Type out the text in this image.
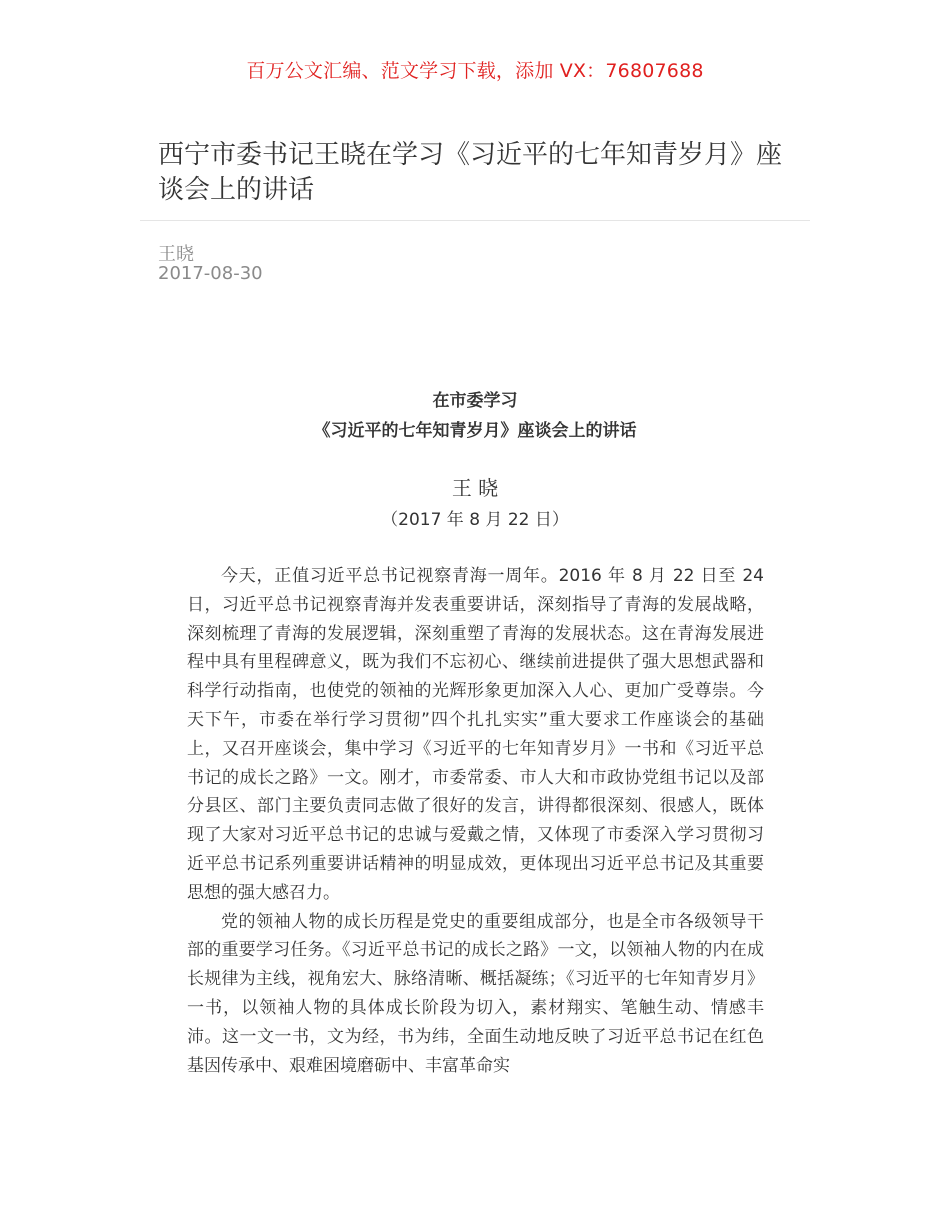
百万公文汇编、范文学习下载，添加 VX：76807688
西宁市委书记王晓在学习《习近平的七年知青岁月》座谈会上的讲话
王晓
2017-08-30
在市委学习
《习近平的七年知青岁月》座谈会上的讲话
王 晓
（2017 年 8 月 22 日）

今天，正值习近平总书记视察青海一周年。2016 年 8 月 22 日至 24 日，习近平总书记视察青海并发表重要讲话，深刻指导了青海的发展战略，深刻梳理了青海的发展逻辑，深刻重塑了青海的发展状态。这在青海发展进程中具有里程碑意义，既为我们不忘初心、继续前进提供了强大思想武器和科学行动指南，也使党的领袖的光辉形象更加深入人心、更加广受尊崇。今天下午，市委在举行学习贯彻”四个扎扎实实”重大要求工作座谈会的基础上，又召开座谈会，集中学习《习近平的七年知青岁月》一书和《习近平总书记的成长之路》一文。刚才，市委常委、市人大和市政协党组书记以及部分县区、部门主要负责同志做了很好的发言，讲得都很深刻、很感人，既体现了大家对习近平总书记的忠诚与爱戴之情，又体现了市委深入学习贯彻习近平总书记系列重要讲话精神的明显成效，更体现出习近平总书记及其重要思想的强大感召力。

党的领袖人物的成长历程是党史的重要组成部分，也是全市各级领导干部的重要学习任务。《习近平总书记的成长之路》一文，以领袖人物的内在成长规律为主线，视角宏大、脉络清晰、概括凝练；《习近平的七年知青岁月》一书，以领袖人物的具体成长阶段为切入，素材翔实、笔触生动、情感丰沛。这一文一书，文为经，书为纬，全面生动地反映了习近平总书记在红色基因传承中、艰难困境磨砺中、丰富革命实
